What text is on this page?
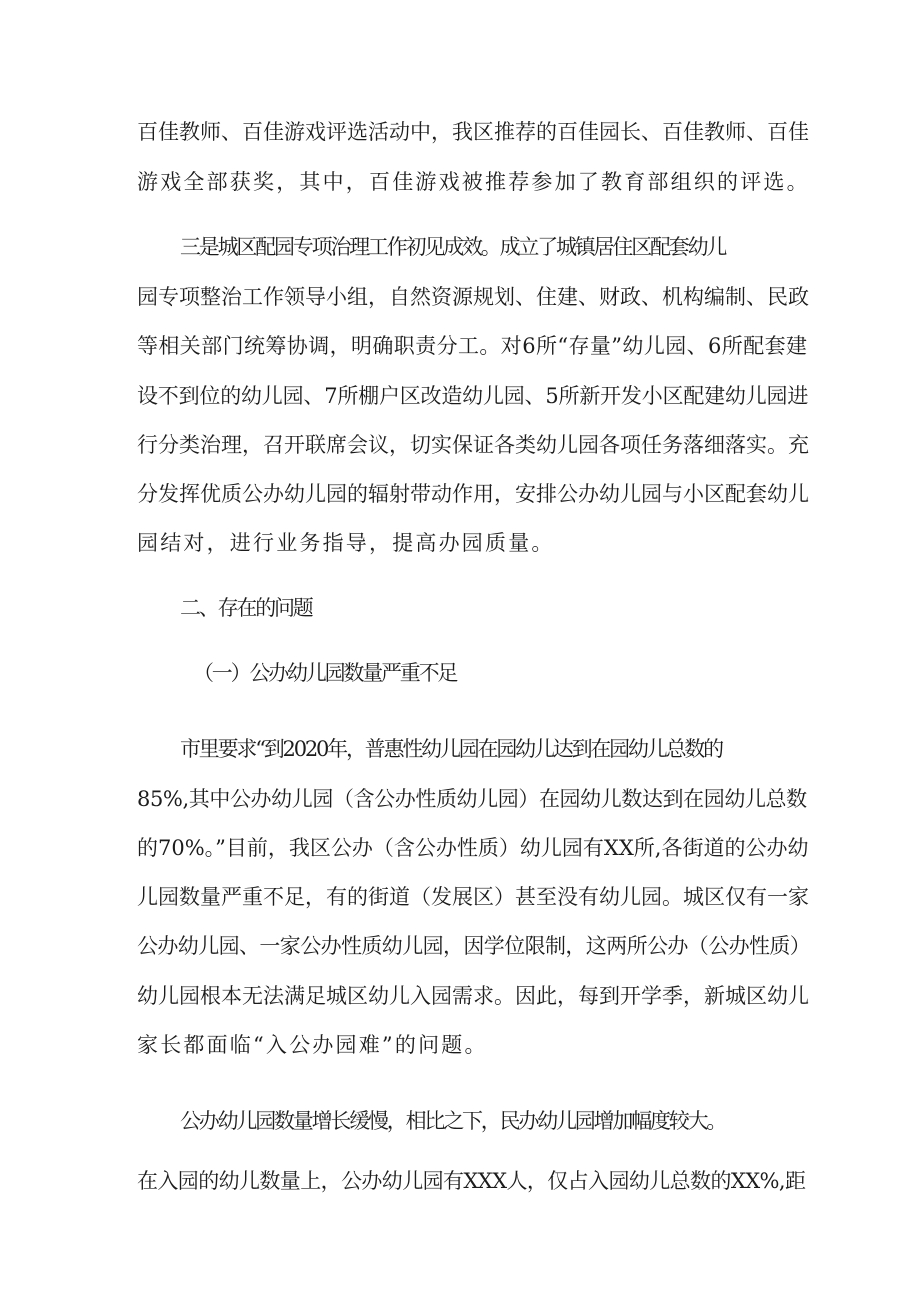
百佳教师、百佳游戏评选活动中，我区推荐的百佳园长、百佳教师、百佳
游戏全部获奖，其中，百佳游戏被推荐参加了教育部组织的评选。
三是城区配园专项治理工作初见成效。成立了城镇居住区配套幼儿
园专项整治工作领导小组，自然资源规划、住建、财政、机构编制、民政
等相关部门统筹协调，明确职责分工。对6所“存量”幼儿园、6所配套建
设不到位的幼儿园、7所棚户区改造幼儿园、5所新开发小区配建幼儿园进
行分类治理，召开联席会议，切实保证各类幼儿园各项任务落细落实。充
分发挥优质公办幼儿园的辐射带动作用，安排公办幼儿园与小区配套幼儿
园结对，进行业务指导，提高办园质量。
二、存在的问题
（一）公办幼儿园数量严重不足
市里要求“到2020年，普惠性幼儿园在园幼儿达到在园幼儿总数的
85%,其中公办幼儿园（含公办性质幼儿园）在园幼儿数达到在园幼儿总数
的70%。”目前，我区公办（含公办性质）幼儿园有XX所,各街道的公办幼
儿园数量严重不足，有的街道（发展区）甚至没有幼儿园。城区仅有一家
公办幼儿园、一家公办性质幼儿园，因学位限制，这两所公办（公办性质）
幼儿园根本无法满足城区幼儿入园需求。因此，每到开学季，新城区幼儿
家长都面临“入公办园难”的问题。
公办幼儿园数量增长缓慢，相比之下，民办幼儿园增加幅度较大。
在入园的幼儿数量上，公办幼儿园有XXX人，仅占入园幼儿总数的XX%,距
